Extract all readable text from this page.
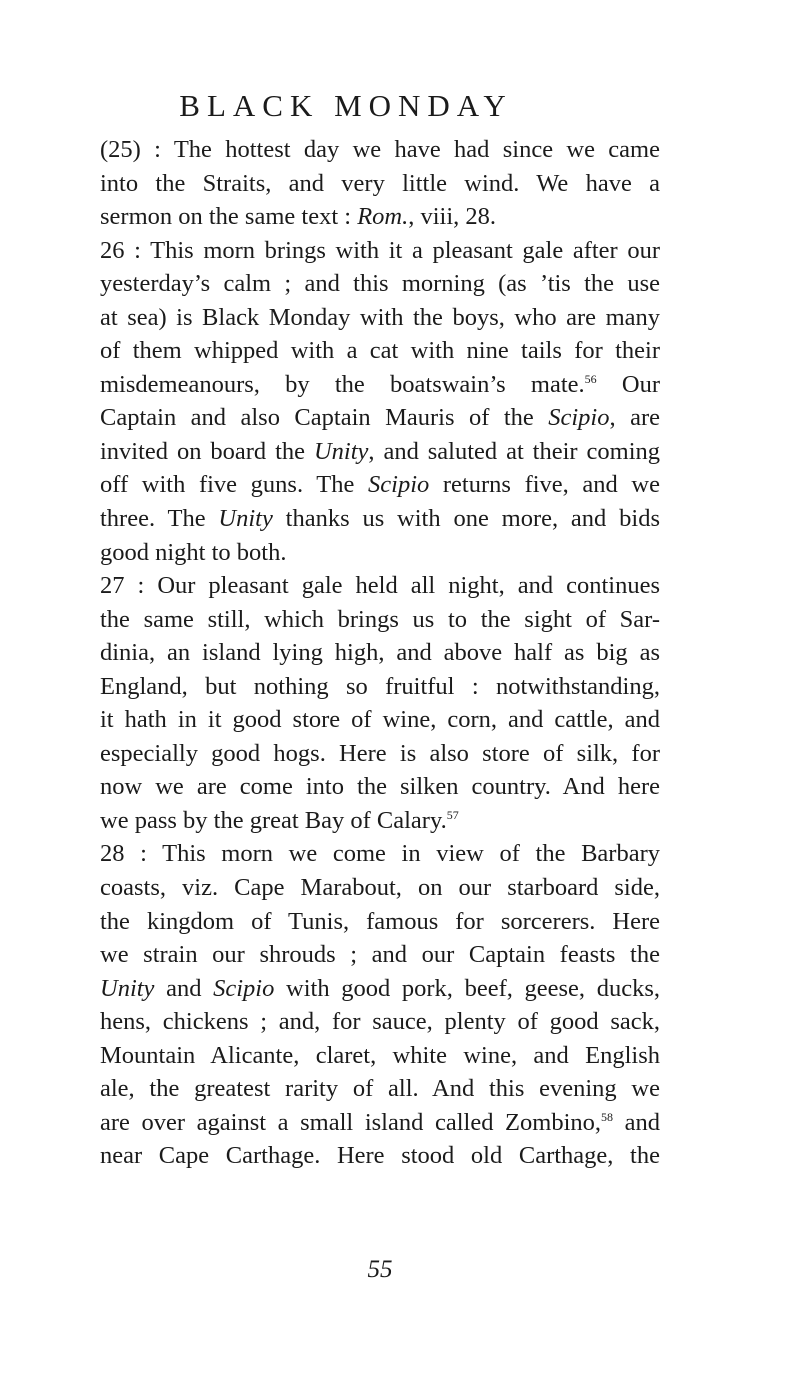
BLACK MONDAY
(25) : The hottest day we have had since we came
into the Straits, and very little wind. We have a
sermon on the same text : Rom., viii, 28.
26 : This morn brings with it a pleasant gale after our
yesterday’s calm ; and this morning (as ’tis the use
at sea) is Black Monday with the boys, who are many
of them whipped with a cat with nine tails for their
misdemeanours, by the boatswain’s mate.$^{56}$ Our
Captain and also Captain Mauris of the Scipio, are
invited on board the Unity, and saluted at their coming
off with five guns. The Scipio returns five, and we
three. The Unity thanks us with one more, and bids
good night to both.
27 : Our pleasant gale held all night, and continues
the same still, which brings us to the sight of Sar-
dinia, an island lying high, and above half as big as
England, but nothing so fruitful : notwithstanding,
it hath in it good store of wine, corn, and cattle, and
especially good hogs. Here is also store of silk, for
now we are come into the silken country. And here
we pass by the great Bay of Calary.$^{57}$
28 : This morn we come in view of the Barbary
coasts, viz. Cape Marabout, on our starboard side,
the kingdom of Tunis, famous for sorcerers. Here
we strain our shrouds ; and our Captain feasts the
Unity and Scipio with good pork, beef, geese, ducks,
hens, chickens ; and, for sauce, plenty of good sack,
Mountain Alicante, claret, white wine, and English
ale, the greatest rarity of all. And this evening we
are over against a small island called Zombino,$^{58}$ and
near Cape Carthage. Here stood old Carthage, the
55
